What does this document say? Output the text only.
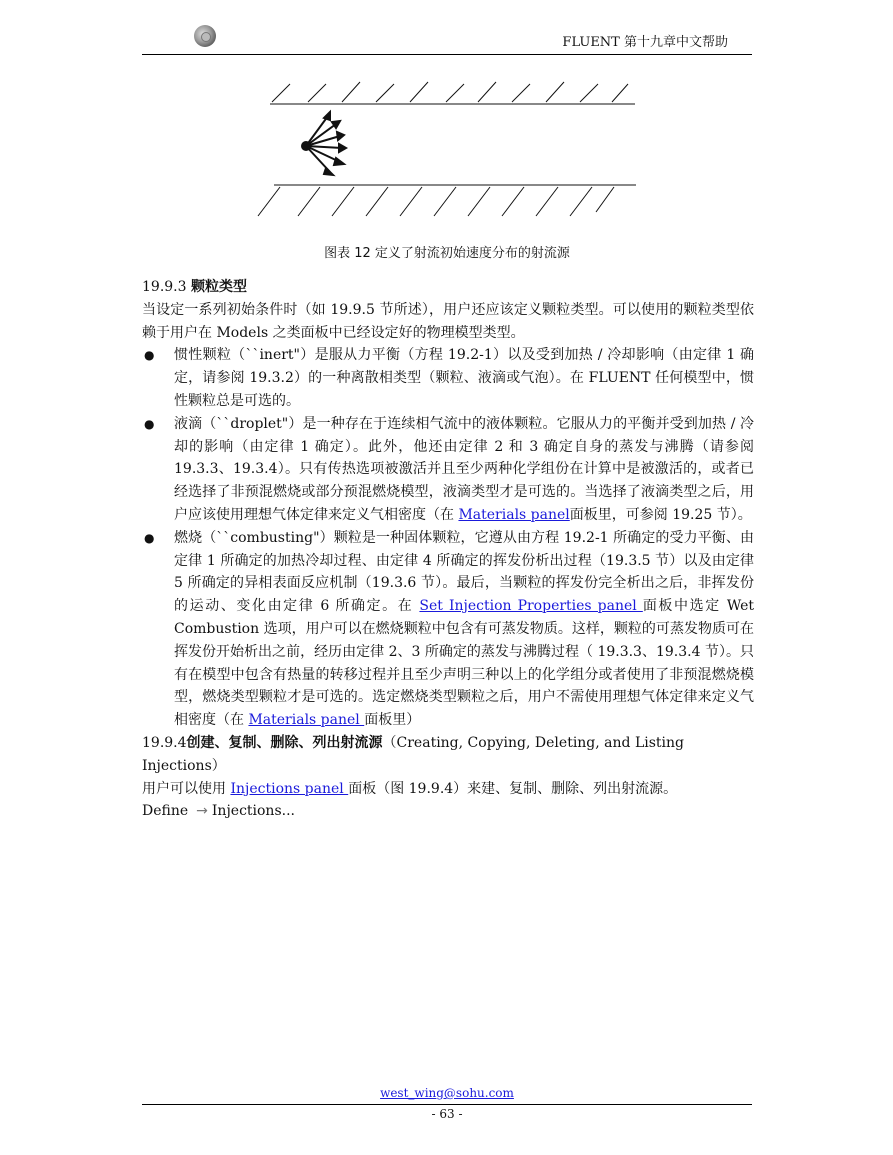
FLUENT 第十九章中文帮助
图表 12 定义了射流初始速度分布的射流源

19.9.3 颗粒类型

当设定一系列初始条件时（如 19.9.5 节所述），用户还应该定义颗粒类型。可以使用的颗粒类型依赖于用户在 Models 之类面板中已经设定好的物理模型类型。

● 惯性颗粒（``inert"）是服从力平衡（方程 19.2-1）以及受到加热 / 冷却影响（由定律 1 确定，请参阅 19.3.2）的一种离散相类型（颗粒、液滴或气泡）。在 FLUENT 任何模型中，惯性颗粒总是可选的。
● 液滴（``droplet"）是一种存在于连续相气流中的液体颗粒。它服从力的平衡并受到加热 / 冷却的影响（由定律 1 确定）。此外，他还由定律 2 和 3 确定自身的蒸发与沸腾（请参阅 19.3.3、19.3.4）。只有传热选项被激活并且至少两种化学组份在计算中是被激活的，或者已经选择了非预混燃烧或部分预混燃烧模型，液滴类型才是可选的。当选择了液滴类型之后，用户应该使用理想气体定律来定义气相密度（在 Materials panel面板里，可参阅 19.25 节）。
● 燃烧（``combusting"）颗粒是一种固体颗粒，它遵从由方程 19.2-1 所确定的受力平衡、由定律 1 所确定的加热冷却过程、由定律 4 所确定的挥发份析出过程（19.3.5 节）以及由定律 5 所确定的异相表面反应机制（19.3.6 节）。最后，当颗粒的挥发份完全析出之后，非挥发份的运动、变化由定律 6 所确定。在 Set Injection Properties panel 面板中选定 Wet Combustion 选项，用户可以在燃烧颗粒中包含有可蒸发物质。这样，颗粒的可蒸发物质可在挥发份开始析出之前，经历由定律 2、3 所确定的蒸发与沸腾过程（ 19.3.3、19.3.4 节）。只有在模型中包含有热量的转移过程并且至少声明三种以上的化学组分或者使用了非预混燃烧模型，燃烧类型颗粒才是可选的。选定燃烧类型颗粒之后，用户不需使用理想气体定律来定义气相密度（在 Materials panel 面板里）

19.9.4创建、复制、删除、列出射流源（Creating, Copying, Deleting, and Listing Injections）

用户可以使用 Injections panel 面板（图 19.9.4）来建、复制、删除、列出射流源。

Define → Injections...

west_wing@sohu.com
- 63 -
